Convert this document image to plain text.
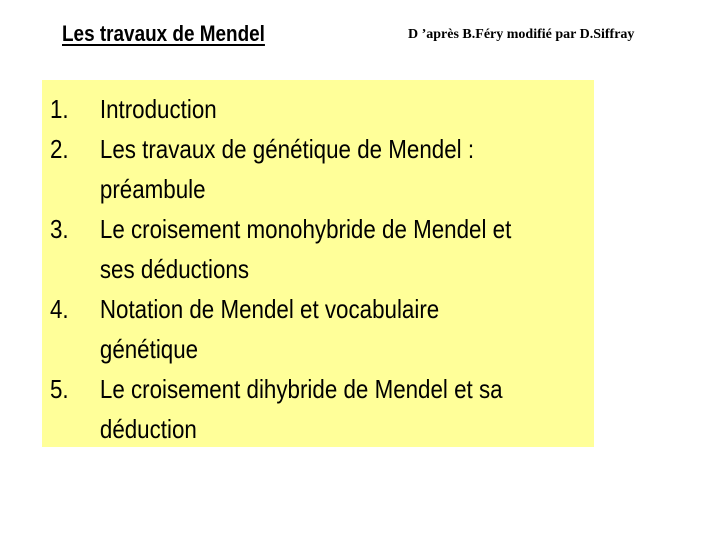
Les travaux de Mendel	D ’après B.Féry modifié par D.Siffray
1. Introduction
2. Les travaux de génétique de Mendel : préambule
3. Le croisement monohybride de Mendel et ses déductions
4. Notation de Mendel et vocabulaire génétique
5. Le croisement dihybride de Mendel et sa déduction
